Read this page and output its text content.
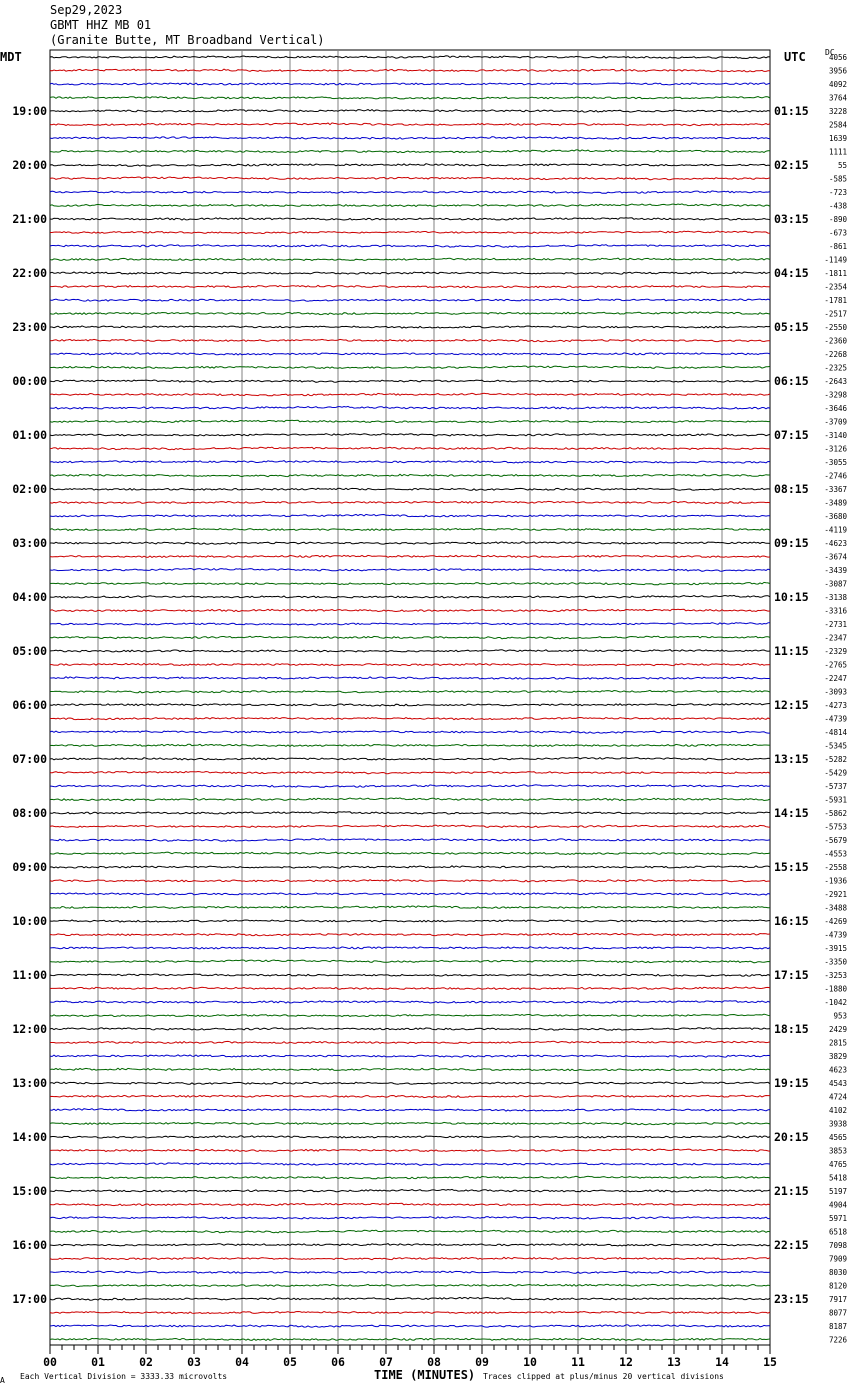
Sep29,2023
GBMT HHZ MB 01
(Granite Butte, MT Broadband Vertical)
MDT	UTC DC
4056
3956
4092
3764
3228
2584
1639
1111
55
-585
-723
-438
-890
-673
-861
-1149
-1811
-2354
-1781
-2517
-2550
-2360
-2268
-2325
-2643
-3298
-3646
-3709
-3140
-3126
-3055
-2746
-3367
-3489
-3680
-4119
-4623
-3674
-3439
-3087
-3138
-3316
-2731
-2347
-2329
-2765
-2247
-3093
-4273
-4739
-4814
-5345
-5282
-5429
-5737
-5931
-5862
-5753
-5679
-4553
-2558
-1936
-2921
-3488
-4269
-4739
-3915
-3350
-3253
-1880
-1042
953
2429
2815
3829
4623
4543
4724
4102
3938
4565
3853
4765
5418
5197
4904
5971
6518
7098
7909
8030
8120
7917
8077
8187
7226
19:00
20:00
21:00
22:00
23:00
00:00
01:00
02:00
03:00
04:00
05:00
06:00
07:00
08:00
09:00
10:00
11:00
12:00
13:00
14:00
15:00
16:00
17:00
01:15
02:15
03:15
04:15
05:15
06:15
07:15
08:15
09:15
10:15
11:15
12:15
13:15
14:15
15:15
16:15
17:15
18:15
19:15
20:15
21:15
22:15
23:15
00	01	02	03	04	05	06	07	08	09	10	11	12	13	14	15
TIME (MINUTES)
A Each Vertical Division = 3333.33 microvolts	Traces clipped at plus/minus 20 vertical divisions
